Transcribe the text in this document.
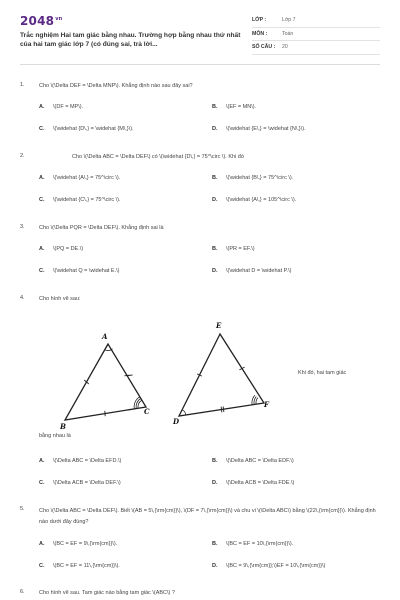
$2048^{vn}$
Trắc nghiệm Hai tam giác bằng nhau. Trường hợp bằng nhau thứ nhất của hai tam giác lớp 7 (có đúng sai, trả lời...
LỚP :	Lớp 7
MÔN :	Toán
SỐ CÂU :	20
1.	Cho \(\Delta DEF = \Delta MNP\). Khẳng định nào sau đây sai?
A.	\(DF = MP\).	B.	\(EF = MN\).
C.	\(\widehat {D\,} = \widehat {M\,}\).	D.	\(\widehat {E\,} = \widehat {N\,}\).
2.	Cho \(\Delta ABC = \Delta DEF\) có \(\widehat {D\,} = 75^\circ \). Khi đó
A.	\(\widehat {A\,} = 75^\circ \).	B.	\(\widehat {B\,} = 75^\circ \).
C.	\(\widehat {C\,} = 75^\circ \).	D.	\(\widehat {A\,} = 105^\circ \).
3.	Cho \(\Delta PQR = \Delta DEF\). Khẳng định sai là
A.	\(PQ = DE.\)	B.	\(PR = EF.\)
C.	\(\widehat Q = \widehat E.\)	D.	\(\widehat D = \widehat P.\)
4.	Cho hình vẽ sau:
A
B
C
E
D
F
Khi đó, hai tam giác
bằng nhau là
A.	\(\Delta ABC = \Delta EFD.\)	B.	\(\Delta ABC = \Delta EDF.\)
C.	\(\Delta ACB = \Delta DEF.\)	D.	\(\Delta ACB = \Delta FDE.\)
5.	Cho \(\Delta ABC = \Delta DEF\). Biết \(AB = 5\,{\rm{cm}}\), \(DF = 7\,{\rm{cm}}\) và chu vi \(\Delta ABC\) bằng \(22\,{\rm{cm}}\). Khẳng định nào dưới đây đúng?
A.	\(BC = EF = 9\,{\rm{cm}}\).	B.	\(BC = EF = 10\,{\rm{cm}}\).
C.	\(BC = EF = 11\,{\rm{cm}}\).	D.	\(BC = 9\,{\rm{cm}};\)EF = 10\,{\rm{cm}}\)
6.	Cho hình vẽ sau. Tam giác nào bằng tam giác \(ABC\) ?
